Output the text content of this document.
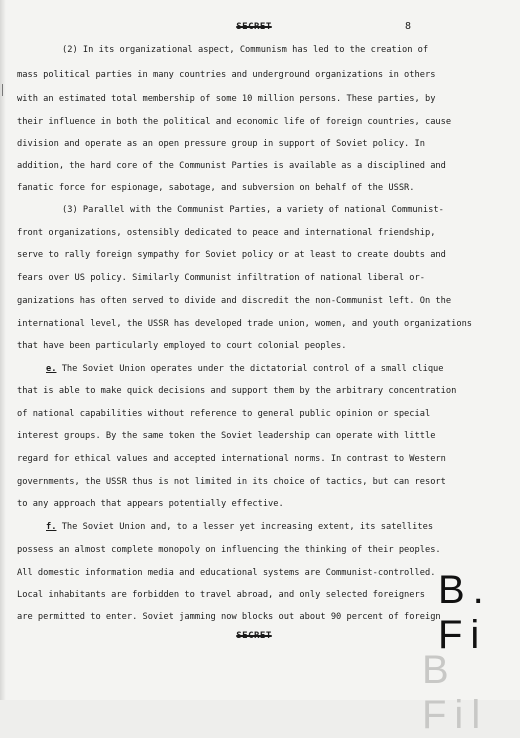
SECRET	8
(2) In its organizational aspect, Communism has led to the creation of
mass political parties in many countries and underground organizations in others
with an estimated total membership of some 10 million persons. These parties, by
their influence in both the political and economic life of foreign countries, cause
division and operate as an open pressure group in support of Soviet policy. In
addition, the hard core of the Communist Parties is available as a disciplined and
fanatic force for espionage, sabotage, and subversion on behalf of the USSR.
(3) Parallel with the Communist Parties, a variety of national Communist-
front organizations, ostensibly dedicated to peace and international friendship,
serve to rally foreign sympathy for Soviet policy or at least to create doubts and
fears over US policy. Similarly Communist infiltration of national liberal or-
ganizations has often served to divide and discredit the non-Communist left. On the
international level, the USSR has developed trade union, women, and youth organizations
that have been particularly employed to court colonial peoples.
e. The Soviet Union operates under the dictatorial control of a small clique
that is able to make quick decisions and support them by the arbitrary concentration
of national capabilities without reference to general public opinion or special
interest groups. By the same token the Soviet leadership can operate with little
regard for ethical values and accepted international norms. In contrast to Western
governments, the USSR thus is not limited in its choice of tactics, but can resort
to any approach that appears potentially effective.
f. The Soviet Union and, to a lesser yet increasing extent, its satellites
possess an almost complete monopoly on influencing the thinking of their peoples.
All domestic information media and educational systems are Communist-controlled.
Local inhabitants are forbidden to travel abroad, and only selected foreigners
are permitted to enter. Soviet jamming now blocks out about 90 percent of foreign
B. Fi
B Fil
SECRET
